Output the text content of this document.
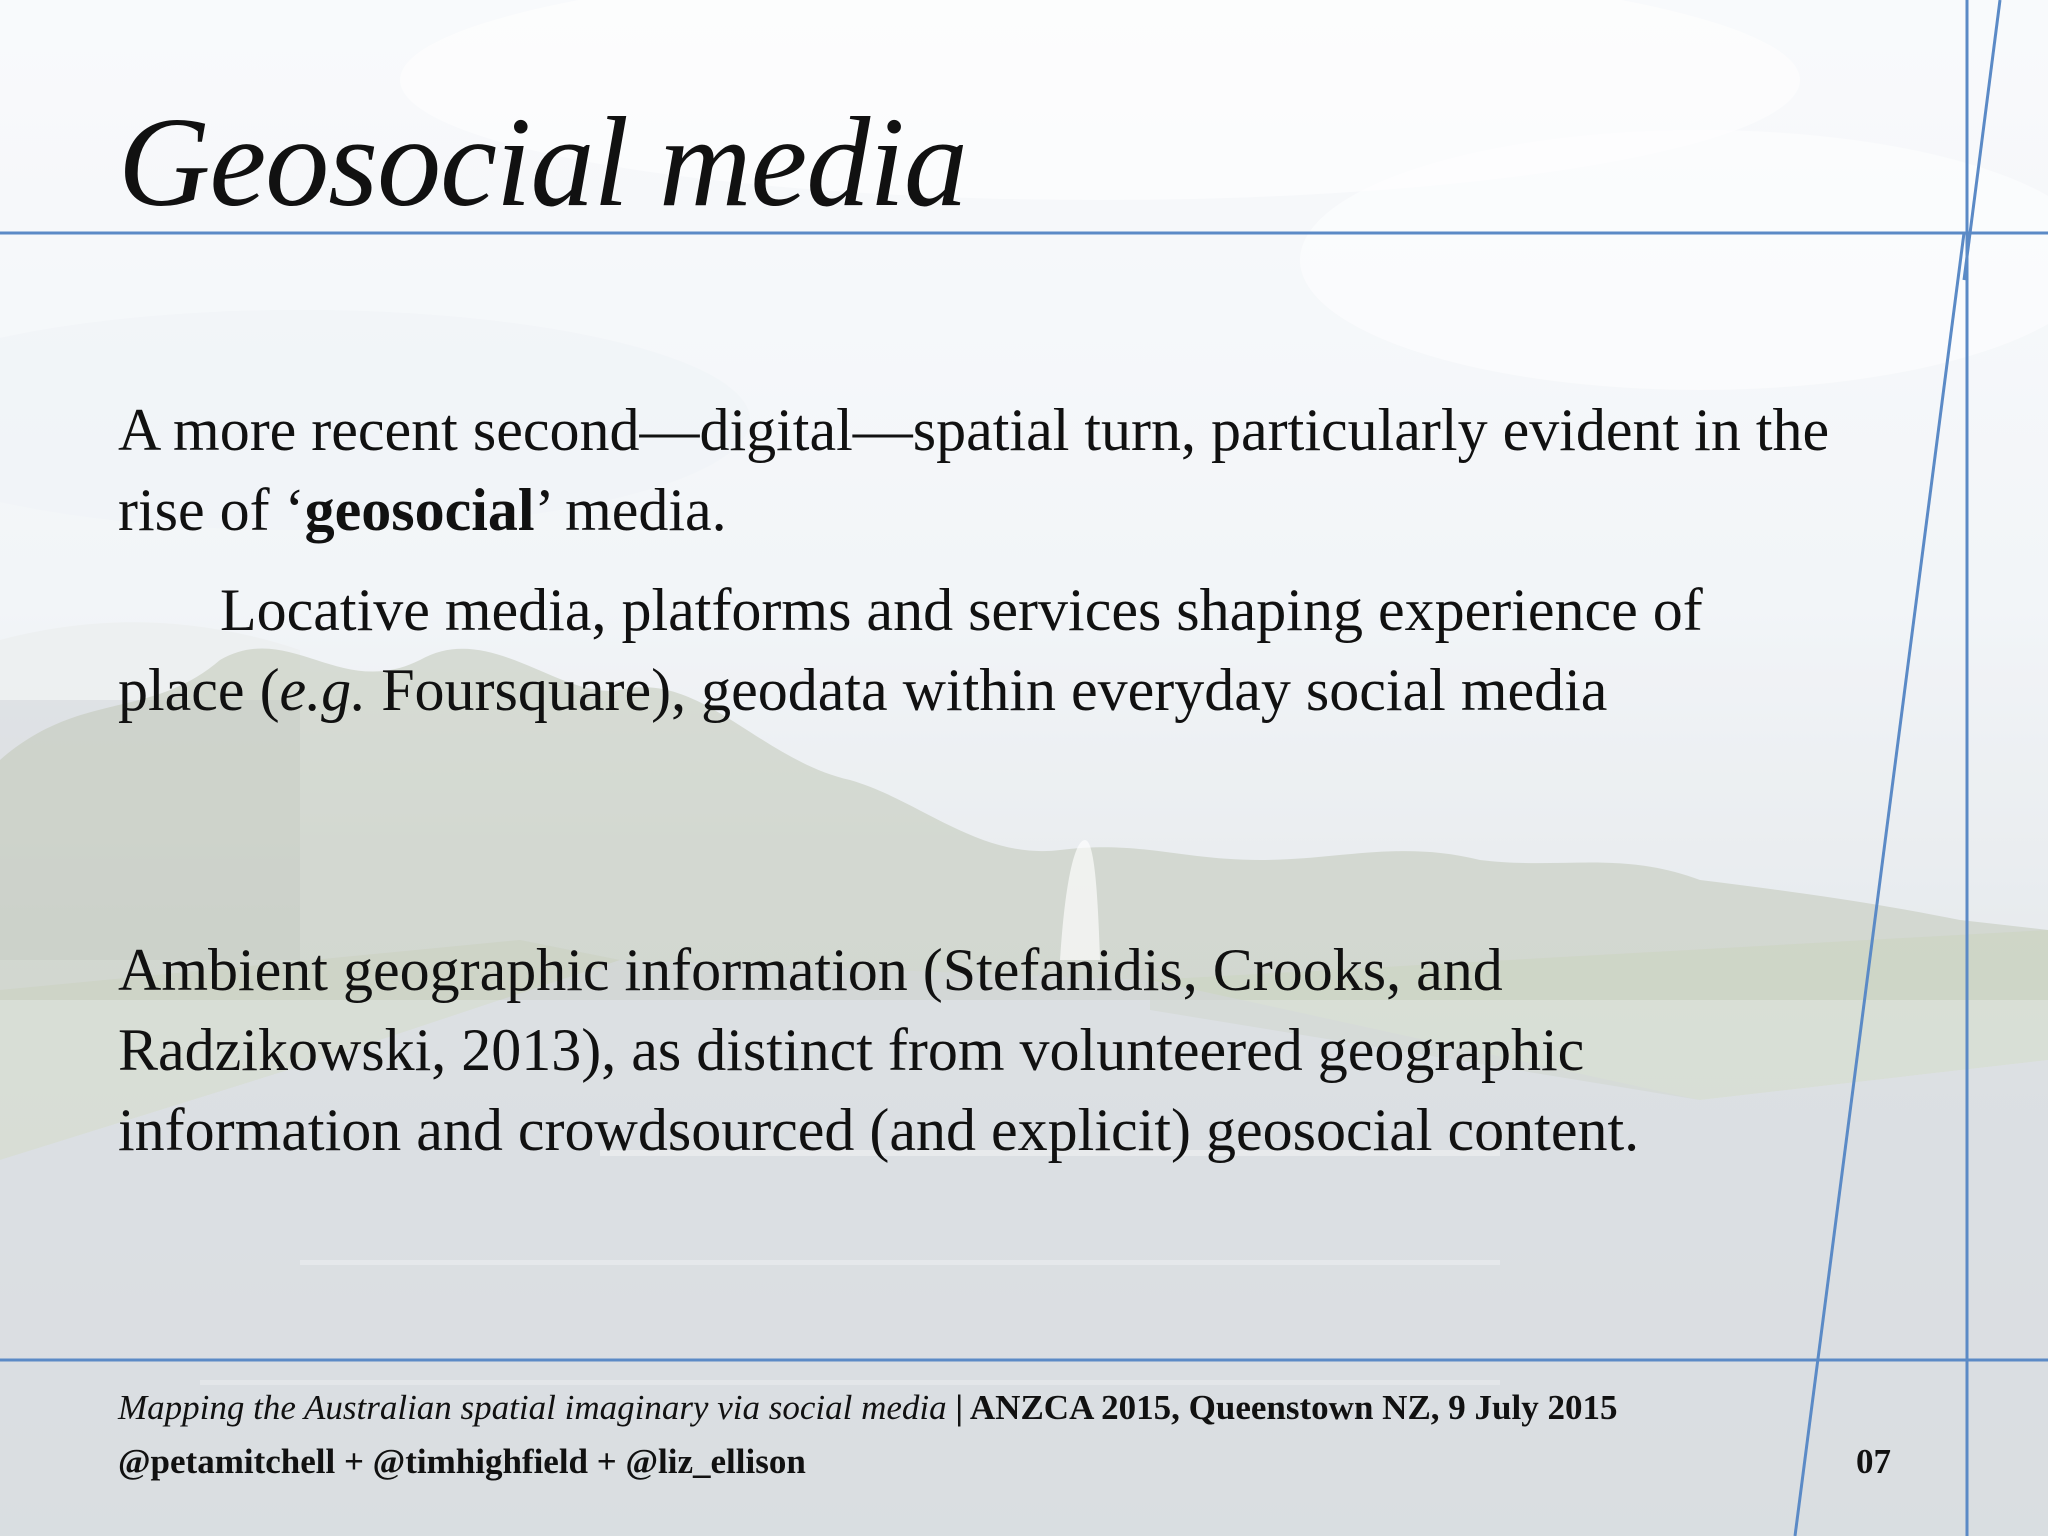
Geosocial media
A more recent second—digital—spatial turn, particularly evident in the rise of ‘geosocial’ media.
Locative media, platforms and services shaping experience of place (e.g. Foursquare), geodata within everyday social media
Ambient geographic information (Stefanidis, Crooks, and Radzikowski, 2013), as distinct from volunteered geographic information and crowdsourced (and explicit) geosocial content.
Mapping the Australian spatial imaginary via social media | ANZCA 2015, Queenstown NZ, 9 July 2015
@petamitchell + @timhighfield + @liz_ellison	07
